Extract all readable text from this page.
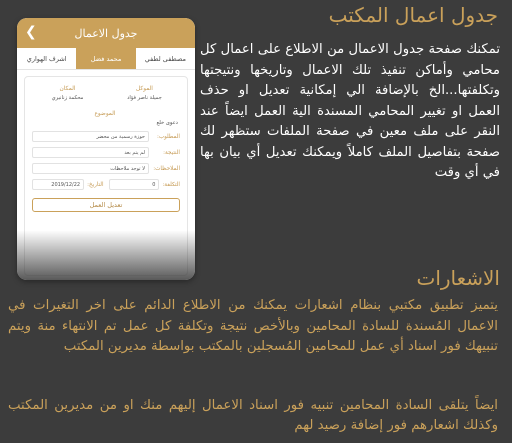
❮	جدول الاعمال
مصطفى لطفي
محمد فضل
اشرف الهواري
الموكل
جميلة ناصر فؤاد
المكان
محكمة زنانيري
الموضوع
دعوى خلع
المطلوب:
حوزة رسمية من محضر
النتيجة:
لم يتم بعد
الملاحظات:
لا توجد ملاحظات
التكلفة:
0
التاريخ:
2019/12/22
تعديل العمل
جدول اعمال المكتب

تمكنك صفحة جدول الاعمال من الاطلاع على اعمال كل محامي وأماكن تنفيذ تلك الاعمال وتاريخها ونتيجتها وتكلفتها...الخ بالإضافة الي إمكانية تعديل او حذف العمل او تغيير المحامي المسندة الية العمل ايضاً عند النقر على ملف معين في صفحة الملفات ستظهر لك صفحة بتفاصيل الملف كاملاً ويمكنك تعديل أي بيان بها في أي وقت

الاشعارات

يتميز تطبيق مكتبي بنظام اشعارات يمكنك من الاطلاع الدائم على اخر التغيرات في الاعمال المُسندة للسادة المحامين وبالأخص نتيجة وتكلفة كل عمل تم الانتهاء منة ويتم تنبيهك فور اسناد أي عمل للمحامين المُسجلين بالمكتب بواسطة مديرين المكتب

ايضاً يتلقى السادة المحامين تنبيه فور اسناد الاعمال إليهم منك او من مديرين المكتب وكذلك اشعارهم فور إضافة رصيد لهم
